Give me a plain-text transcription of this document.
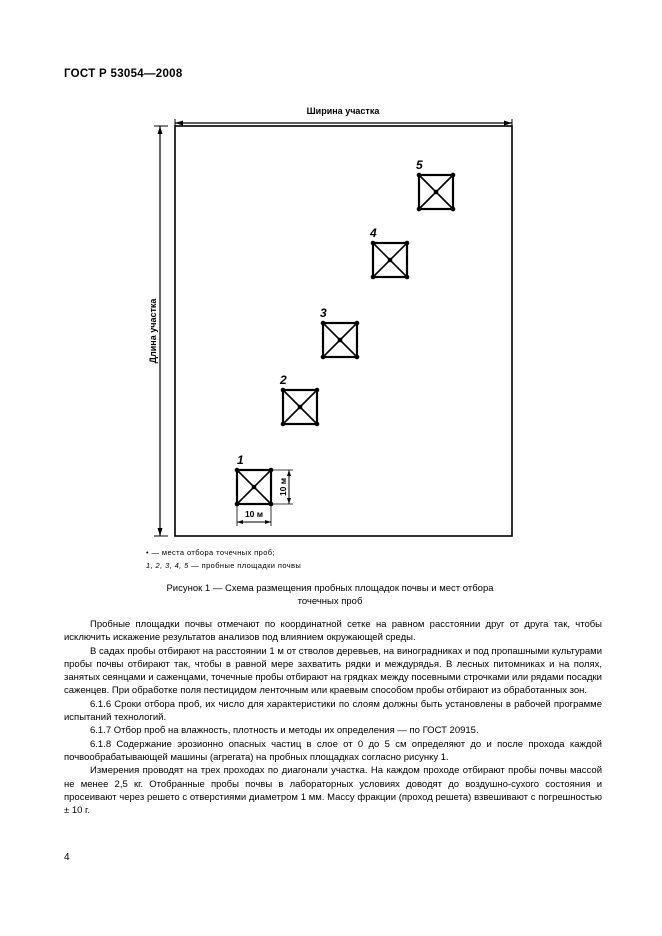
ГОСТ Р 53054—2008
Ширина участка
Длина участка
1
10 м
10 м
2
3
4
5
• — места отбора точечных проб;
1, 2, 3, 4, 5 — пробные площадки почвы
Рисунок 1 — Схема размещения пробных площадок почвы и мест отбора точечных проб

Пробные площадки почвы отмечают по координатной сетке на равном расстоянии друг от друга так, чтобы исключить искажение результатов анализов под влиянием окружающей среды.

В садах пробы отбирают на расстоянии 1 м от стволов деревьев, на виноградниках и под пропашными культурами пробы почвы отбирают так, чтобы в равной мере захватить рядки и междурядья. В лесных питомниках и на полях, занятых сеянцами и саженцами, точечные пробы отбирают на грядках между посевными строчками или рядами посадки саженцев. При обработке поля пестицидом ленточным или краевым способом пробы отбирают из обработанных зон.

6.1.6 Сроки отбора проб, их число для характеристики по слоям должны быть установлены в рабочей программе испытаний технологий.

6.1.7 Отбор проб на влажность, плотность и методы их определения — по ГОСТ 20915.

6.1.8 Содержание эрозионно опасных частиц в слое от 0 до 5 см определяют до и после прохода каждой почвообрабатывающей машины (агрегата) на пробных площадках согласно рисунку 1.

Измерения проводят на трех проходах по диагонали участка. На каждом проходе отбирают пробы почвы массой не менее 2,5 кг. Отобранные пробы почвы в лабораторных условиях доводят до воздушно-сухого состояния и просеивают через решето с отверстиями диаметром 1 мм. Массу фракции (проход решета) взвешивают с погрешностью ± 10 г.

4
